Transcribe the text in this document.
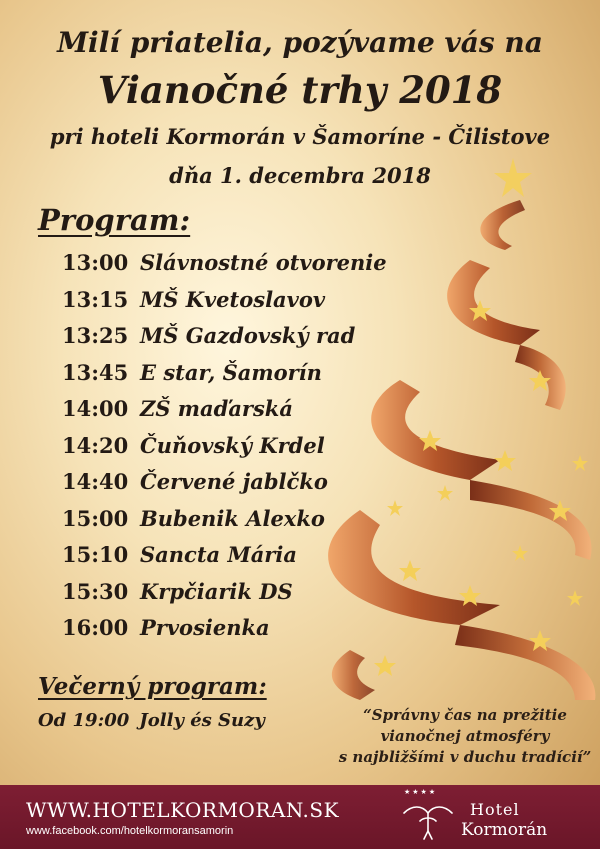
Milí priatelia, pozývame vás na
Vianočné trhy 2018
pri hoteli Kormorán v Šamoríne - Čilistove
dňa 1. decembra 2018
Program:
13:00 Slávnostné otvorenie
13:15 MŠ Kvetoslavov
13:25 MŠ Gazdovský rad
13:45 E star, Šamorín
14:00 ZŠ maďarská
14:20 Čuňovský Krdel
14:40 Červené jablčko
15:00 Bubenik Alexko
15:10 Sancta Mária
15:30 Krpčiarik DS
16:00 Prvosienka
Večerný program:
Od 19:00 Jolly és Suzy	“Správny čas na prežitie
vianočnej atmosféry
s najbližšími v duchu tradícií”
WWW.HOTELKORMORAN.SK
www.facebook.com/hotelkormoransamorin
★★★★
Hotel
Kormorán
